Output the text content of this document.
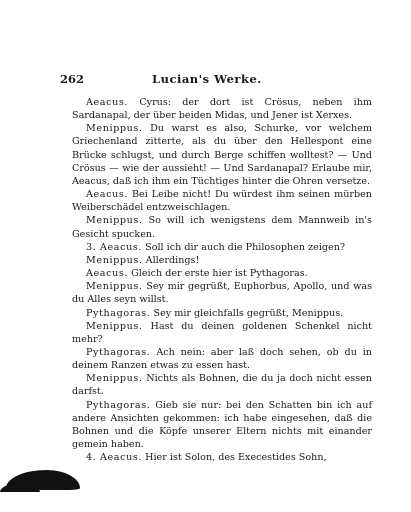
262	Lucian's Werke.

Aeacus. Cyrus: der dort ist Crösus, neben ihm Sardanapal, der über beiden Midas, und Jener ist Xerxes.

Menippus. Du warst es also, Schurke, vor welchem Griechenland zitterte, als du über den Hellespont eine Brücke schlugst, und durch Berge schiffen wolltest? — Und Crösus — wie der aussieht! — Und Sardanapal? Erlaube mir, Aeacus, daß ich ihm ein Tüchtiges hinter die Ohren versetze.

Aeacus. Bei Leibe nicht! Du würdest ihm seinen mürben Weiberschädel entzweischlagen.

Menippus. So will ich wenigstens dem Mannweib in's Gesicht spucken.

3. Aeacus. Soll ich dir auch die Philosophen zeigen?

Menippus. Allerdings!

Aeacus. Gleich der erste hier ist Pythagoras.

Menippus. Sey mir gegrüßt, Euphorbus, Apollo, und was du Alles seyn willst.

Pythagoras. Sey mir gleichfalls gegrüßt, Menippus.

Menippus. Hast du deinen goldenen Schenkel nicht mehr?

Pythagoras. Ach nein: aber laß doch sehen, ob du in deinem Ranzen etwas zu essen hast.

Menippus. Nichts als Bohnen, die du ja doch nicht essen darfst.

Pythagoras. Gieb sie nur: bei den Schatten bin ich auf andere Ansichten gekommen: ich habe eingesehen, daß die Bohnen und die Köpfe unserer Eltern nichts mit einander gemein haben.

4. Aeacus. Hier ist Solon, des Execestides Sohn,
